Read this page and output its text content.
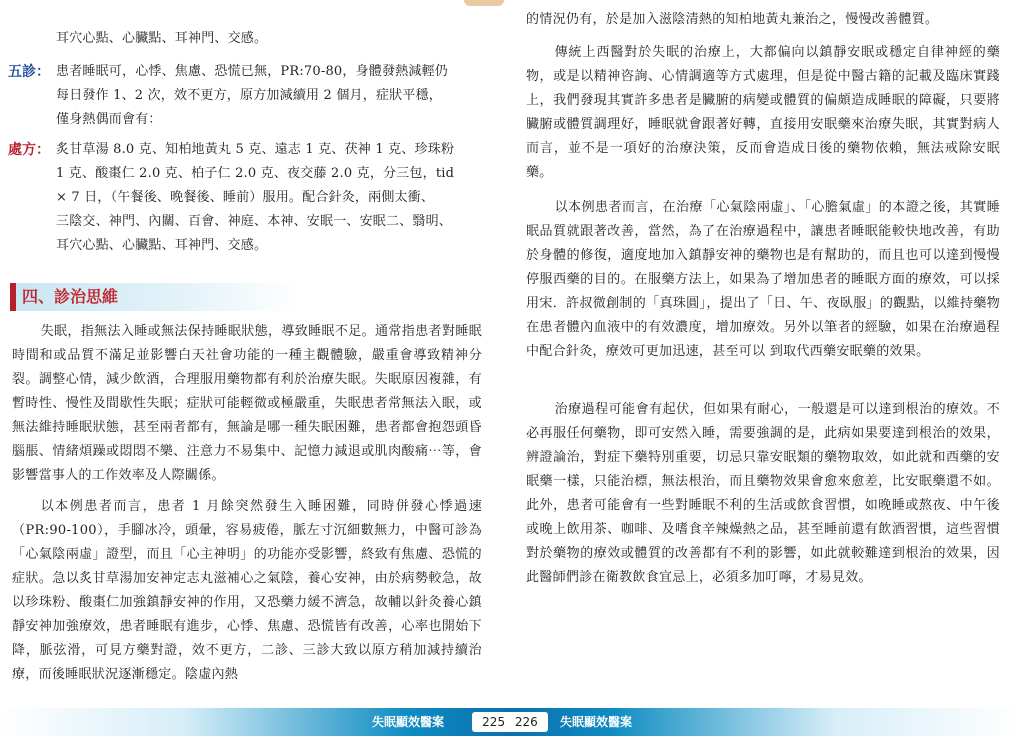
耳穴心點、心臟點、耳神門、交感。
五診： 患者睡眠可，心悸、焦慮、恐慌已無，PR:70-80，身體發熱減輕仍
每日發作 1、2 次，效不更方，原方加減續用 2 個月，症狀平穩，
僅身熱偶而會有：
處方： 炙甘草湯 8.0 克、知柏地黃丸 5 克、遠志 1 克、茯神 1 克、珍珠粉
1 克、酸棗仁 2.0 克、柏子仁 2.0 克、夜交藤 2.0 克，分三包，tid
× 7 日，（午餐後、晚餐後、睡前）服用。配合針灸，兩側太衝、
三陰交、神門、內關、百會、神庭、本神、安眠一、安眠二、翳明、
耳穴心點、心臟點、耳神門、交感。
四、診治思維

失眠，指無法入睡或無法保持睡眠狀態，導致睡眠不足。通常指患者對睡眠時間和或品質不滿足並影響白天社會功能的一種主觀體驗，嚴重會導致精神分裂。調整心情，減少飲酒，合理服用藥物都有利於治療失眠。失眠原因複雜，有暫時性、慢性及間歇性失眠；症狀可能輕微或極嚴重，失眠患者常無法入眠，或無法維持睡眠狀態，甚至兩者都有，無論是哪一種失眠困難，患者都會抱怨頭昏腦脹、情緒煩躁或悶悶不樂、注意力不易集中、記憶力減退或肌肉酸痛⋯等，會影響當事人的工作效率及人際關係。

以本例患者而言，患者 1 月餘突然發生入睡困難，同時併發心悸過速（PR:90-100），手腳冰冷，頭暈，容易疲倦，脈左寸沉細數無力，中醫可診為「心氣陰兩虛」證型，而且「心主神明」的功能亦受影響，終致有焦慮、恐慌的症狀。急以炙甘草湯加安神定志丸滋補心之氣陰，養心安神，由於病勢較急，故以珍珠粉、酸棗仁加強鎮靜安神的作用，又恐藥力緩不濟急，故輔以針灸養心鎮靜安神加強療效，患者睡眠有進步，心悸、焦慮、恐慌皆有改善，心率也開始下降，脈弦滑，可見方藥對證，效不更方，二診、三診大致以原方稍加減持續治療，而後睡眠狀況逐漸穩定。陰虛內熱

的情況仍有，於是加入滋陰清熱的知柏地黃丸兼治之，慢慢改善體質。

傳統上西醫對於失眠的治療上，大都偏向以鎮靜安眠或穩定自律神經的藥物，或是以精神咨詢、心情調適等方式處理，但是從中醫古籍的記載及臨床實踐上，我們發現其實許多患者是臟腑的病變或體質的偏頗造成睡眠的障礙，只要將臟腑或體質調理好，睡眠就會跟著好轉，直接用安眠藥來治療失眠，其實對病人而言，並不是一項好的治療決策，反而會造成日後的藥物依賴，無法戒除安眠藥。

以本例患者而言，在治療「心氣陰兩虛」、「心膽氣虛」的本證之後，其實睡眠品質就跟著改善，當然，為了在治療過程中，讓患者睡眠能較快地改善，有助於身體的修復，適度地加入鎮靜安神的藥物也是有幫助的，而且也可以達到慢慢停服西藥的目的。在服藥方法上，如果為了增加患者的睡眠方面的療效，可以採用宋．許叔微創制的「真珠圓」，提出了「日、午、夜臥服」的觀點，以維持藥物在患者體內血液中的有效濃度，增加療效。另外以筆者的經驗，如果在治療過程中配合針灸，療效可更加迅速，甚至可以 到取代西藥安眠藥的效果。

治療過程可能會有起伏，但如果有耐心，一般還是可以達到根治的療效。不必再服任何藥物，即可安然入睡，需要強調的是，此病如果要達到根治的效果，辨證論治，對症下藥特別重要，切忌只靠安眠類的藥物取效，如此就和西藥的安眠藥一樣，只能治標，無法根治，而且藥物效果會愈來愈差，比安眠藥還不如。此外，患者可能會有一些對睡眠不利的生活或飲食習慣，如晚睡或熬夜、中午後或晚上飲用茶、咖啡、及嗜食辛辣燥熱之品，甚至睡前還有飲酒習慣，這些習慣對於藥物的療效或體質的改善都有不利的影響，如此就較難達到根治的效果，因此醫師們診在衛教飲食宜忌上，必須多加叮嚀，才易見效。

失眠顯效醫案	225 226	失眠顯效醫案
